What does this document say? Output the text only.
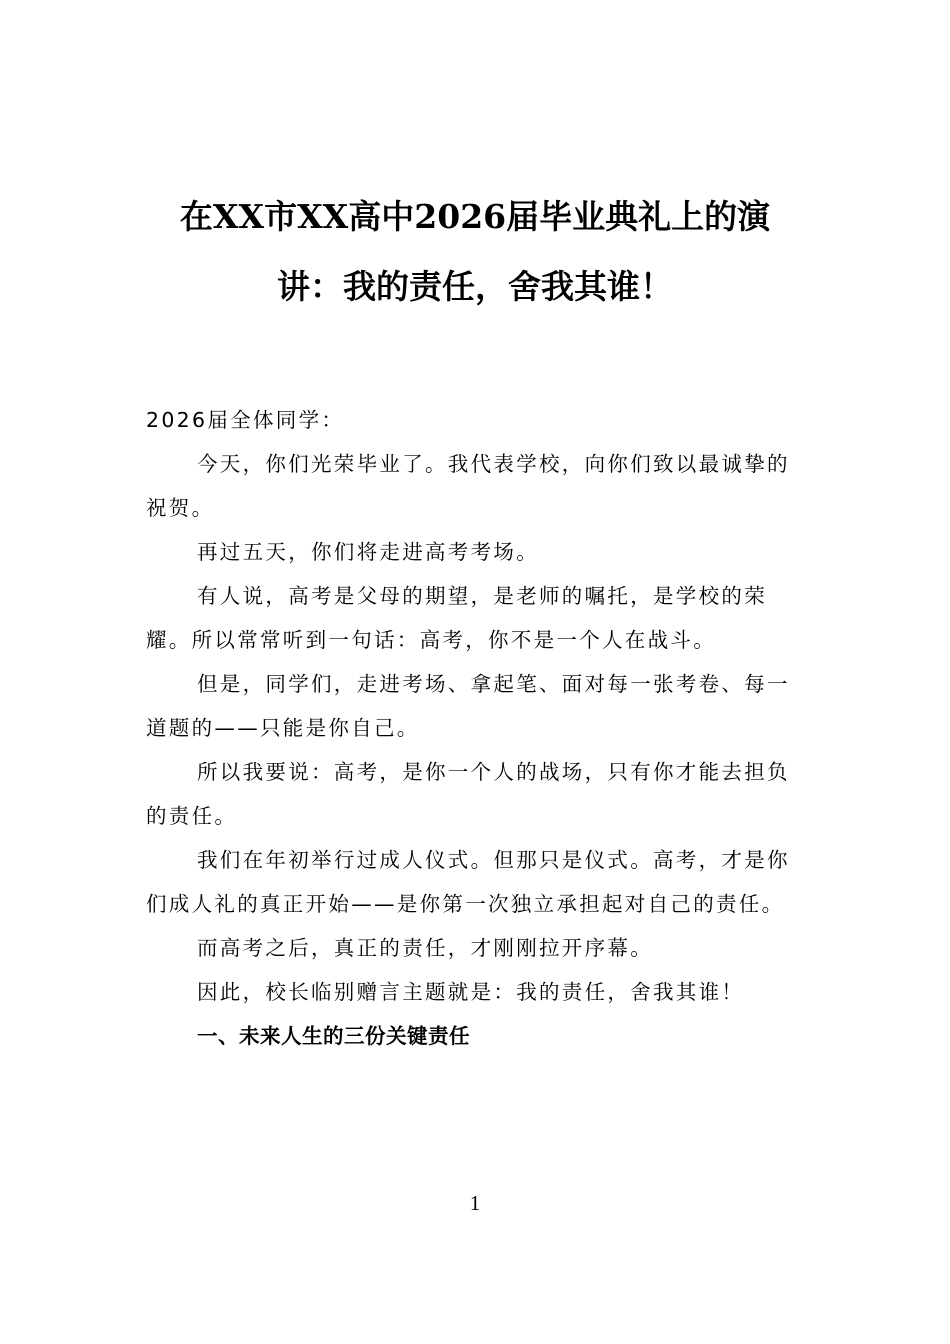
在XX市XX高中2026届毕业典礼上的演
讲：我的责任，舍我其谁！

2026届全体同学：

今天，你们光荣毕业了。我代表学校，向你们致以最诚挚的祝贺。

再过五天，你们将走进高考考场。

有人说，高考是父母的期望，是老师的嘱托，是学校的荣耀。所以常常听到一句话：高考，你不是一个人在战斗。

但是，同学们，走进考场、拿起笔、面对每一张考卷、每一道题的——只能是你自己。

所以我要说：高考，是你一个人的战场，只有你才能去担负的责任。

我们在年初举行过成人仪式。但那只是仪式。高考，才是你们成人礼的真正开始——是你第一次独立承担起对自己的责任。

而高考之后，真正的责任，才刚刚拉开序幕。

因此，校长临别赠言主题就是：我的责任，舍我其谁！

一、未来人生的三份关键责任

1
